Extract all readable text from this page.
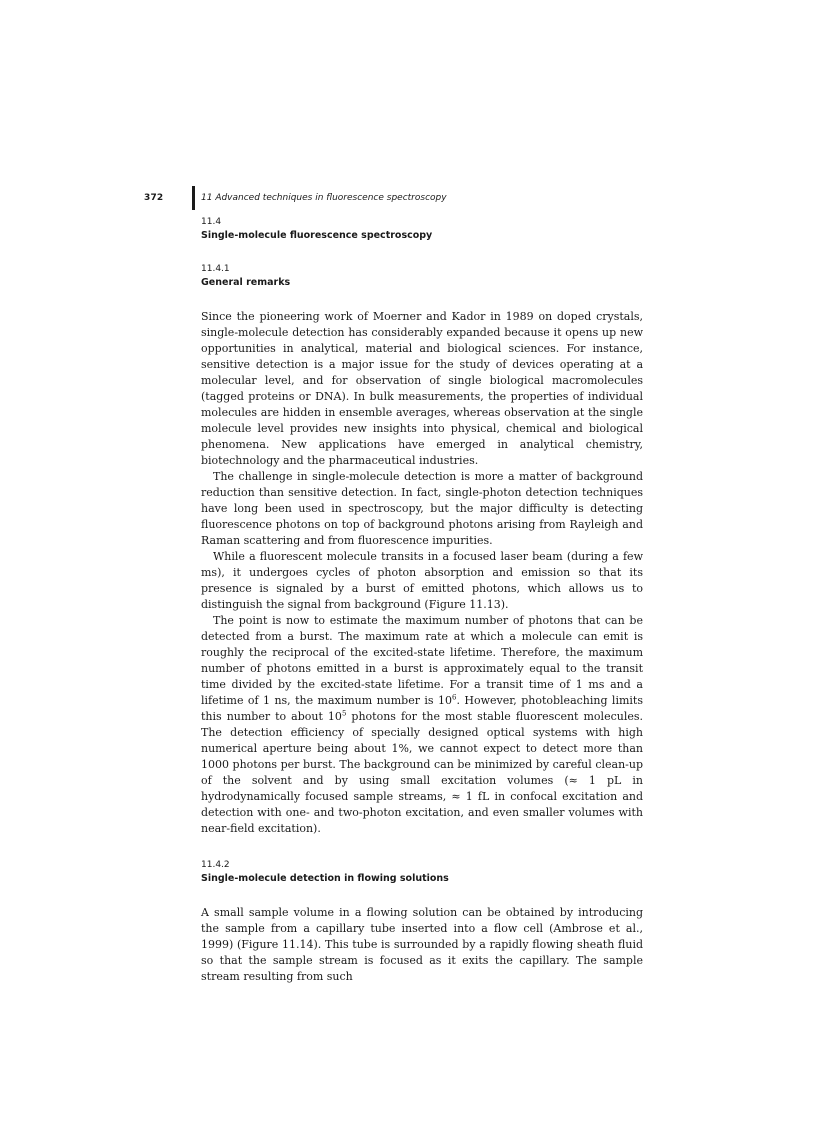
372	11 Advanced techniques in fluorescence spectroscopy

11.4

Single-molecule fluorescence spectroscopy

11.4.1

General remarks

Since the pioneering work of Moerner and Kador in 1989 on doped crystals, single-molecule detection has considerably expanded because it opens up new opportunities in analytical, material and biological sciences. For instance, sensitive detection is a major issue for the study of devices operating at a molecular level, and for observation of single biological macromolecules (tagged proteins or DNA). In bulk measurements, the properties of individual molecules are hidden in ensemble averages, whereas observation at the single molecule level provides new insights into physical, chemical and biological phenomena. New applications have emerged in analytical chemistry, biotechnology and the pharmaceutical industries.

The challenge in single-molecule detection is more a matter of background reduction than sensitive detection. In fact, single-photon detection techniques have long been used in spectroscopy, but the major difficulty is detecting fluorescence photons on top of background photons arising from Rayleigh and Raman scattering and from fluorescence impurities.

While a fluorescent molecule transits in a focused laser beam (during a few ms), it undergoes cycles of photon absorption and emission so that its presence is signaled by a burst of emitted photons, which allows us to distinguish the signal from background (Figure 11.13).

The point is now to estimate the maximum number of photons that can be detected from a burst. The maximum rate at which a molecule can emit is roughly the reciprocal of the excited-state lifetime. Therefore, the maximum number of photons emitted in a burst is approximately equal to the transit time divided by the excited-state lifetime. For a transit time of 1 ms and a lifetime of 1 ns, the maximum number is $10^6$. However, photobleaching limits this number to about $10^5$ photons for the most stable fluorescent molecules. The detection efficiency of specially designed optical systems with high numerical aperture being about 1%, we cannot expect to detect more than 1000 photons per burst. The background can be minimized by careful clean-up of the solvent and by using small excitation volumes (≈ 1 pL in hydrodynamically focused sample streams, ≈ 1 fL in confocal excitation and detection with one- and two-photon excitation, and even smaller volumes with near-field excitation).

11.4.2

Single-molecule detection in flowing solutions

A small sample volume in a flowing solution can be obtained by introducing the sample from a capillary tube inserted into a flow cell (Ambrose et al., 1999) (Figure 11.14). This tube is surrounded by a rapidly flowing sheath fluid so that the sample stream is focused as it exits the capillary. The sample stream resulting from such
